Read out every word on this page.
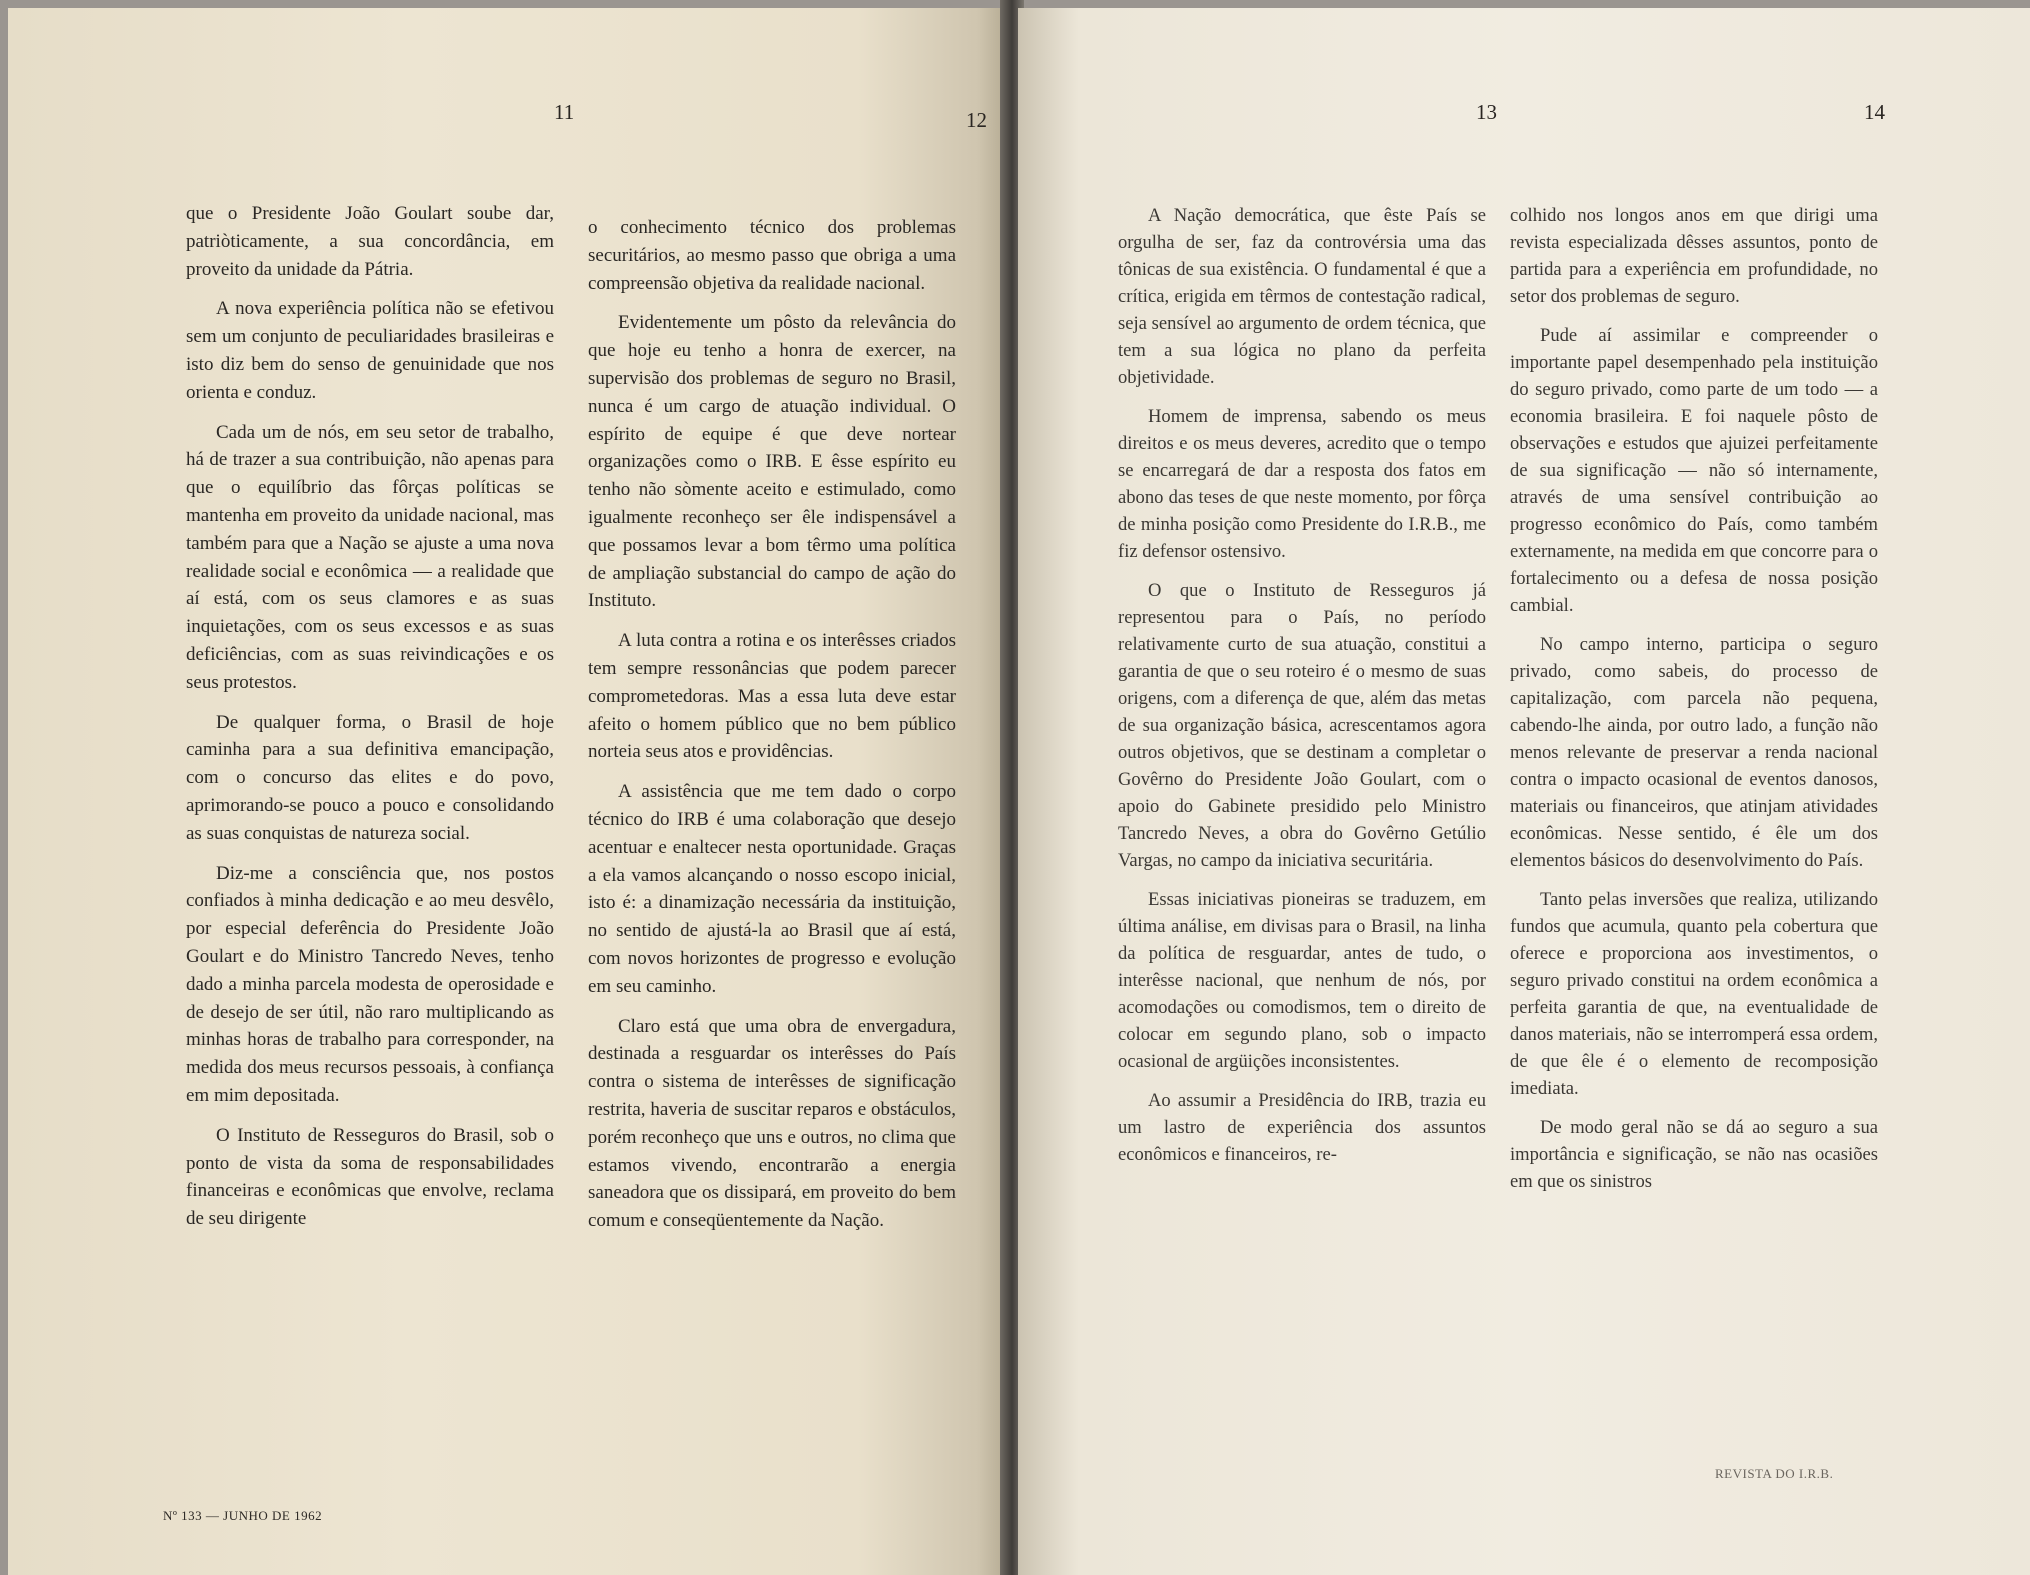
11	12

que o Presidente João Goulart soube dar, patriòticamente, a sua concordância, em proveito da unidade da Pátria.

A nova experiência política não se efetivou sem um conjunto de peculiaridades brasileiras e isto diz bem do senso de genuinidade que nos orienta e conduz.

Cada um de nós, em seu setor de trabalho, há de trazer a sua contribuição, não apenas para que o equilíbrio das fôrças políticas se mantenha em proveito da unidade nacional, mas também para que a Nação se ajuste a uma nova realidade social e econômica — a realidade que aí está, com os seus clamores e as suas inquietações, com os seus excessos e as suas deficiências, com as suas reivindicações e os seus protestos.

De qualquer forma, o Brasil de hoje caminha para a sua definitiva emancipação, com o concurso das elites e do povo, aprimorando-se pouco a pouco e consolidando as suas conquistas de natureza social.

Diz-me a consciência que, nos postos confiados à minha dedicação e ao meu desvêlo, por especial deferência do Presidente João Goulart e do Ministro Tancredo Neves, tenho dado a minha parcela modesta de operosidade e de desejo de ser útil, não raro multiplicando as minhas horas de trabalho para corresponder, na medida dos meus recursos pessoais, à confiança em mim depositada.

O Instituto de Resseguros do Brasil, sob o ponto de vista da soma de responsabilidades financeiras e econômicas que envolve, reclama de seu dirigente

o conhecimento técnico dos problemas securitários, ao mesmo passo que obriga a uma compreensão objetiva da realidade nacional.

Evidentemente um pôsto da relevância do que hoje eu tenho a honra de exercer, na supervisão dos problemas de seguro no Brasil, nunca é um cargo de atuação individual. O espírito de equipe é que deve nortear organizações como o IRB. E êsse espírito eu tenho não sòmente aceito e estimulado, como igualmente reconheço ser êle indispensável a que possamos levar a bom têrmo uma política de ampliação substancial do campo de ação do Instituto.

A luta contra a rotina e os interêsses criados tem sempre ressonâncias que podem parecer comprometedoras. Mas a essa luta deve estar afeito o homem público que no bem público norteia seus atos e providências.

A assistência que me tem dado o corpo técnico do IRB é uma colaboração que desejo acentuar e enaltecer nesta oportunidade. Graças a ela vamos alcançando o nosso escopo inicial, isto é: a dinamização necessária da instituição, no sentido de ajustá-la ao Brasil que aí está, com novos horizontes de progresso e evolução em seu caminho.

Claro está que uma obra de envergadura, destinada a resguardar os interêsses do País contra o sistema de interêsses de significação restrita, haveria de suscitar reparos e obstáculos, porém reconheço que uns e outros, no clima que estamos vivendo, encontrarão a energia saneadora que os dissipará, em proveito do bem comum e conseqüentemente da Nação.

Nº 133 — JUNHO DE 1962
13	14

A Nação democrática, que êste País se orgulha de ser, faz da controvérsia uma das tônicas de sua existência. O fundamental é que a crítica, erigida em têrmos de contestação radical, seja sensível ao argumento de ordem técnica, que tem a sua lógica no plano da perfeita objetividade.

Homem de imprensa, sabendo os meus direitos e os meus deveres, acredito que o tempo se encarregará de dar a resposta dos fatos em abono das teses de que neste momento, por fôrça de minha posição como Presidente do I.R.B., me fiz defensor ostensivo.

O que o Instituto de Resseguros já representou para o País, no período relativamente curto de sua atuação, constitui a garantia de que o seu roteiro é o mesmo de suas origens, com a diferença de que, além das metas de sua organização básica, acrescentamos agora outros objetivos, que se destinam a completar o Govêrno do Presidente João Goulart, com o apoio do Gabinete presidido pelo Ministro Tancredo Neves, a obra do Govêrno Getúlio Vargas, no campo da iniciativa securitária.

Essas iniciativas pioneiras se traduzem, em última análise, em divisas para o Brasil, na linha da política de resguardar, antes de tudo, o interêsse nacional, que nenhum de nós, por acomodações ou comodismos, tem o direito de colocar em segundo plano, sob o impacto ocasional de argüições inconsistentes.

Ao assumir a Presidência do IRB, trazia eu um lastro de experiência dos assuntos econômicos e financeiros, re-

colhido nos longos anos em que dirigi uma revista especializada dêsses assuntos, ponto de partida para a experiência em profundidade, no setor dos problemas de seguro.

Pude aí assimilar e compreender o importante papel desempenhado pela instituição do seguro privado, como parte de um todo — a economia brasileira. E foi naquele pôsto de observações e estudos que ajuizei perfeitamente de sua significação — não só internamente, através de uma sensível contribuição ao progresso econômico do País, como também externamente, na medida em que concorre para o fortalecimento ou a defesa de nossa posição cambial.

No campo interno, participa o seguro privado, como sabeis, do processo de capitalização, com parcela não pequena, cabendo-lhe ainda, por outro lado, a função não menos relevante de preservar a renda nacional contra o impacto ocasional de eventos danosos, materiais ou financeiros, que atinjam atividades econômicas. Nesse sentido, é êle um dos elementos básicos do desenvolvimento do País.

Tanto pelas inversões que realiza, utilizando fundos que acumula, quanto pela cobertura que oferece e proporciona aos investimentos, o seguro privado constitui na ordem econômica a perfeita garantia de que, na eventualidade de danos materiais, não se interromperá essa ordem, de que êle é o elemento de recomposição imediata.

De modo geral não se dá ao seguro a sua importância e significação, se não nas ocasiões em que os sinistros

REVISTA DO I.R.B.
